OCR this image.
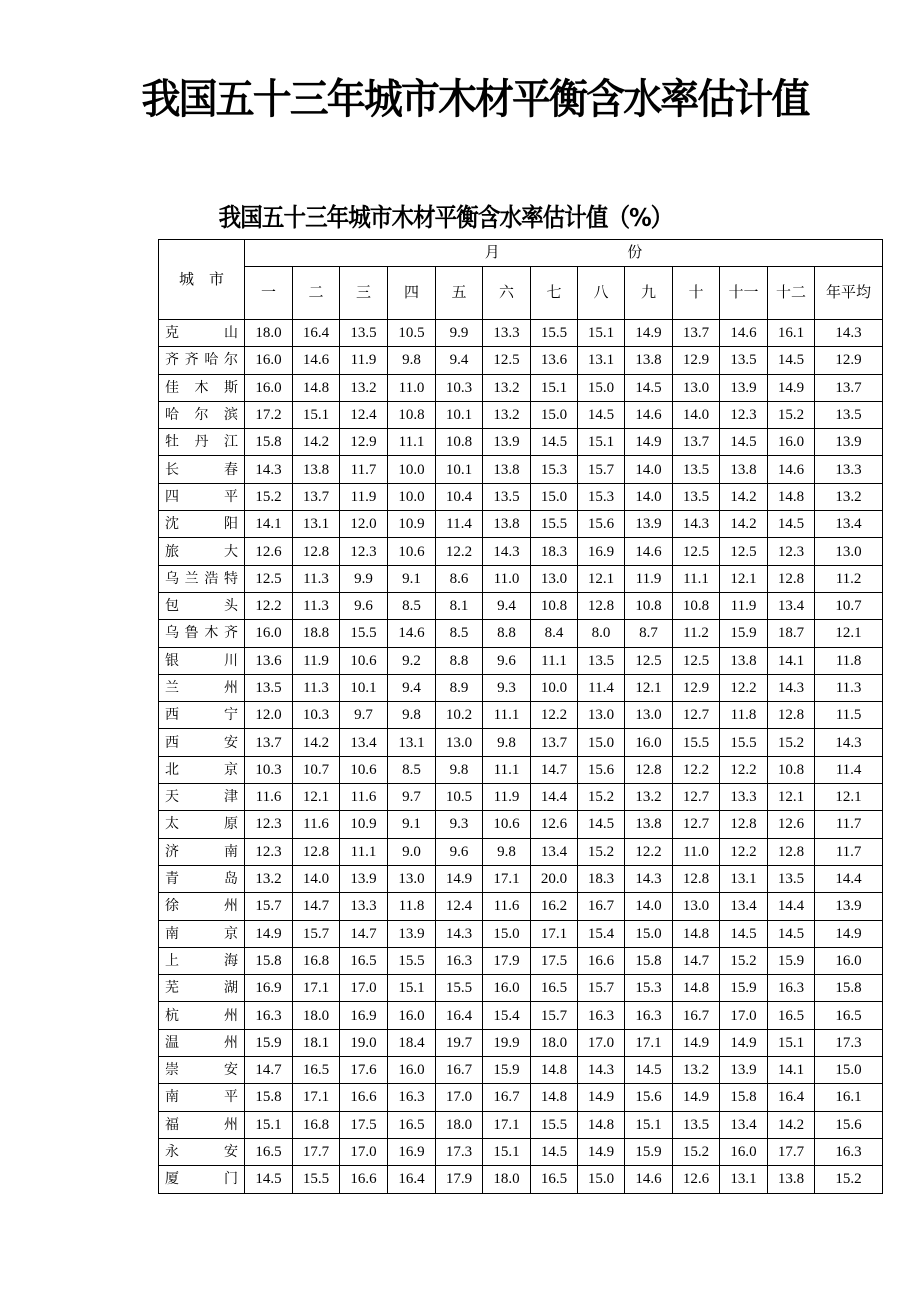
我国五十三年城市木材平衡含水率估计值
我国五十三年城市木材平衡含水率估计值（%）
城　市	月 份												
	一	二	三	四	五	六	七	八	九	十	十一	十二	年平均
克山	18.0	16.4	13.5	10.5	9.9	13.3	15.5	15.1	14.9	13.7	14.6	16.1	14.3
齐齐哈尔	16.0	14.6	11.9	9.8	9.4	12.5	13.6	13.1	13.8	12.9	13.5	14.5	12.9
佳木斯	16.0	14.8	13.2	11.0	10.3	13.2	15.1	15.0	14.5	13.0	13.9	14.9	13.7
哈尔滨	17.2	15.1	12.4	10.8	10.1	13.2	15.0	14.5	14.6	14.0	12.3	15.2	13.5
牡丹江	15.8	14.2	12.9	11.1	10.8	13.9	14.5	15.1	14.9	13.7	14.5	16.0	13.9
长春	14.3	13.8	11.7	10.0	10.1	13.8	15.3	15.7	14.0	13.5	13.8	14.6	13.3
四平	15.2	13.7	11.9	10.0	10.4	13.5	15.0	15.3	14.0	13.5	14.2	14.8	13.2
沈阳	14.1	13.1	12.0	10.9	11.4	13.8	15.5	15.6	13.9	14.3	14.2	14.5	13.4
旅大	12.6	12.8	12.3	10.6	12.2	14.3	18.3	16.9	14.6	12.5	12.5	12.3	13.0
乌兰浩特	12.5	11.3	9.9	9.1	8.6	11.0	13.0	12.1	11.9	11.1	12.1	12.8	11.2
包头	12.2	11.3	9.6	8.5	8.1	9.4	10.8	12.8	10.8	10.8	11.9	13.4	10.7
乌鲁木齐	16.0	18.8	15.5	14.6	8.5	8.8	8.4	8.0	8.7	11.2	15.9	18.7	12.1
银川	13.6	11.9	10.6	9.2	8.8	9.6	11.1	13.5	12.5	12.5	13.8	14.1	11.8
兰州	13.5	11.3	10.1	9.4	8.9	9.3	10.0	11.4	12.1	12.9	12.2	14.3	11.3
西宁	12.0	10.3	9.7	9.8	10.2	11.1	12.2	13.0	13.0	12.7	11.8	12.8	11.5
西安	13.7	14.2	13.4	13.1	13.0	9.8	13.7	15.0	16.0	15.5	15.5	15.2	14.3
北京	10.3	10.7	10.6	8.5	9.8	11.1	14.7	15.6	12.8	12.2	12.2	10.8	11.4
天津	11.6	12.1	11.6	9.7	10.5	11.9	14.4	15.2	13.2	12.7	13.3	12.1	12.1
太原	12.3	11.6	10.9	9.1	9.3	10.6	12.6	14.5	13.8	12.7	12.8	12.6	11.7
济南	12.3	12.8	11.1	9.0	9.6	9.8	13.4	15.2	12.2	11.0	12.2	12.8	11.7
青岛	13.2	14.0	13.9	13.0	14.9	17.1	20.0	18.3	14.3	12.8	13.1	13.5	14.4
徐州	15.7	14.7	13.3	11.8	12.4	11.6	16.2	16.7	14.0	13.0	13.4	14.4	13.9
南京	14.9	15.7	14.7	13.9	14.3	15.0	17.1	15.4	15.0	14.8	14.5	14.5	14.9
上海	15.8	16.8	16.5	15.5	16.3	17.9	17.5	16.6	15.8	14.7	15.2	15.9	16.0
芜湖	16.9	17.1	17.0	15.1	15.5	16.0	16.5	15.7	15.3	14.8	15.9	16.3	15.8
杭州	16.3	18.0	16.9	16.0	16.4	15.4	15.7	16.3	16.3	16.7	17.0	16.5	16.5
温州	15.9	18.1	19.0	18.4	19.7	19.9	18.0	17.0	17.1	14.9	14.9	15.1	17.3
崇安	14.7	16.5	17.6	16.0	16.7	15.9	14.8	14.3	14.5	13.2	13.9	14.1	15.0
南平	15.8	17.1	16.6	16.3	17.0	16.7	14.8	14.9	15.6	14.9	15.8	16.4	16.1
福州	15.1	16.8	17.5	16.5	18.0	17.1	15.5	14.8	15.1	13.5	13.4	14.2	15.6
永安	16.5	17.7	17.0	16.9	17.3	15.1	14.5	14.9	15.9	15.2	16.0	17.7	16.3
厦门	14.5	15.5	16.6	16.4	17.9	18.0	16.5	15.0	14.6	12.6	13.1	13.8	15.2
